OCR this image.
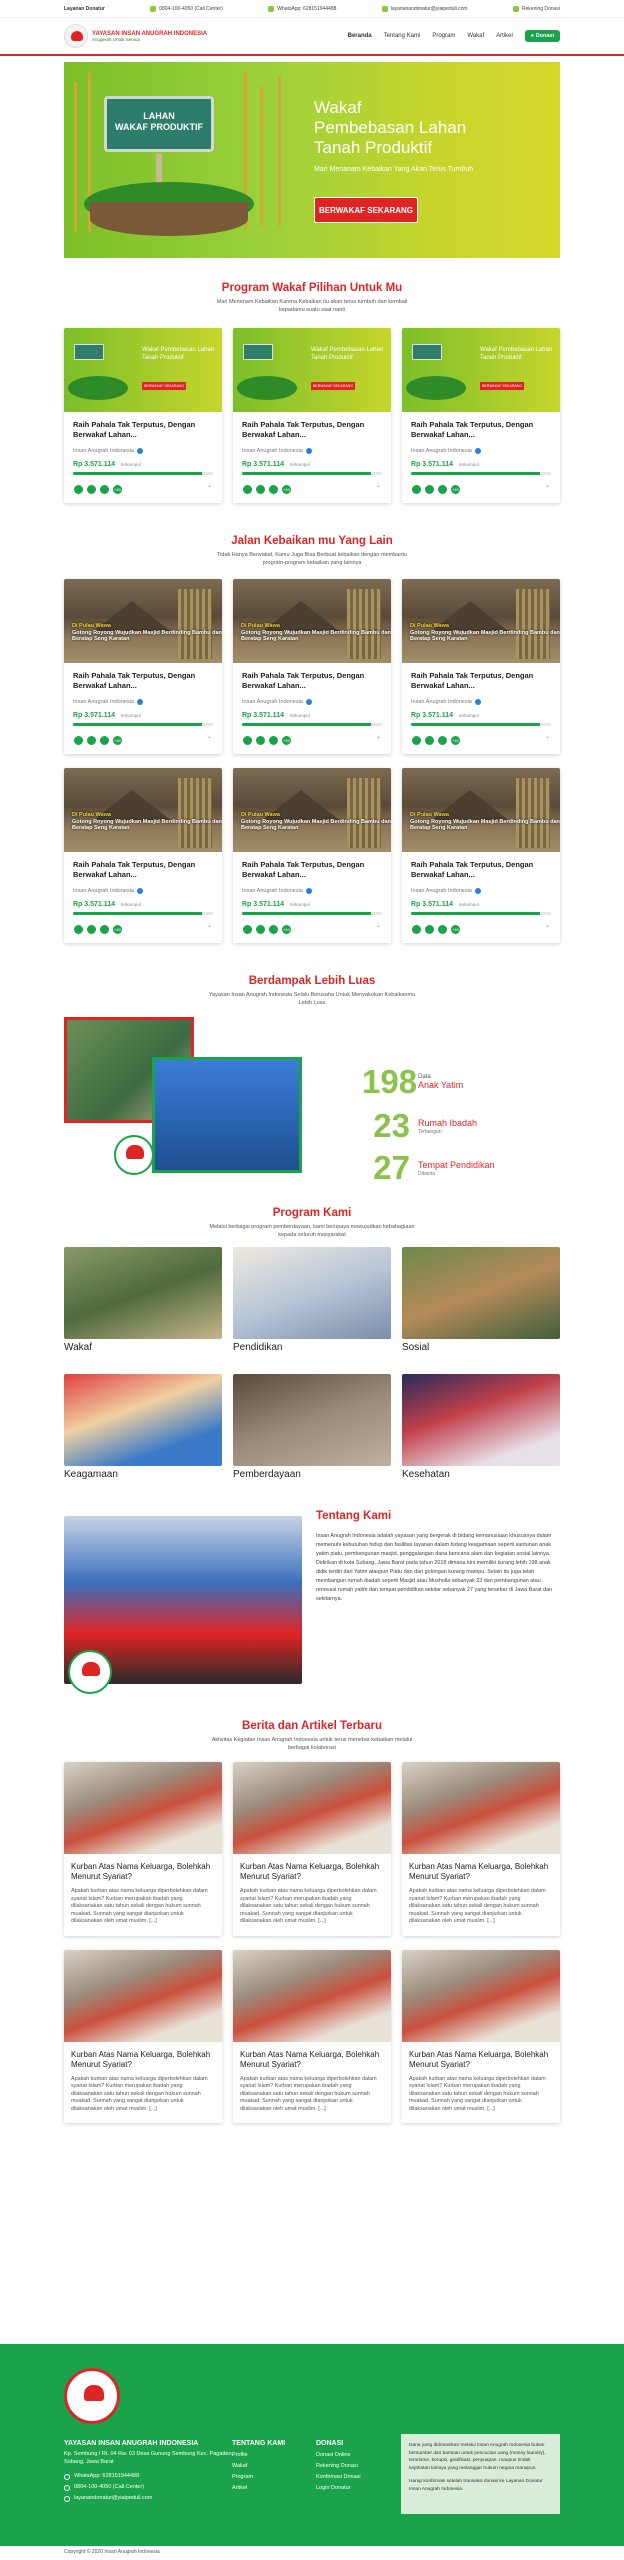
Layanan Donatur	0804-100-4050 (Call Center)	WhatsApp: 628151944488	layananandonatur@yiaipeduli.com	Rekening Donasi
YAYASAN INSAN ANUGRAH INDONESIA
Anugerah Untuk Semua	Beranda Tentang Kami Program Wakaf Artikel	● Donasi
LAHAN
WAKAF PRODUKTIF
Wakaf
Pembebasan Lahan
Tanah Produktif
Mari Menanam Kebaikan Yang Akan Terus Tumbuh
BERWAKAF SEKARANG
Program Wakaf Pilihan Untuk Mu
Mari Menanam Kebaikan Karena Kebaikan itu akan terus tumbuh dan kembali kepadamu suatu saat nanti
Wakaf Pembebasan Lahan Tanah Produktif
BERWAKAF SEKARANG
Raih Pahala Tak Terputus, Dengan Berwakaf Lahan...
Insan Anugrah Indonesia
Rp 3.571.114 terkumpul
+40
⌄
Wakaf Pembebasan Lahan Tanah Produktif
BERWAKAF SEKARANG
Raih Pahala Tak Terputus, Dengan Berwakaf Lahan...
Insan Anugrah Indonesia
Rp 3.571.114 terkumpul
+40
⌄
Wakaf Pembebasan Lahan Tanah Produktif
BERWAKAF SEKARANG
Raih Pahala Tak Terputus, Dengan Berwakaf Lahan...
Insan Anugrah Indonesia
Rp 3.571.114 terkumpul
+40
⌄
Jalan Kebaikan mu Yang Lain
Tidak Hanya Berwakaf, Kamu Juga Bisa Berbuat kebaikan dengan membantu program-program kebaikan yang lainnya
Di Pulau Wawa
Gotong Royong Wujudkan Masjid Berdinding Bambu dan Beratap Seng Karatan
Raih Pahala Tak Terputus, Dengan Berwakaf Lahan...
Insan Anugrah Indonesia
Rp 3.571.114 terkumpul
+40
⌄
Di Pulau Wawa
Gotong Royong Wujudkan Masjid Berdinding Bambu dan Beratap Seng Karatan
Raih Pahala Tak Terputus, Dengan Berwakaf Lahan...
Insan Anugrah Indonesia
Rp 3.571.114 terkumpul
+40
⌄
Di Pulau Wawa
Gotong Royong Wujudkan Masjid Berdinding Bambu dan Beratap Seng Karatan
Raih Pahala Tak Terputus, Dengan Berwakaf Lahan...
Insan Anugrah Indonesia
Rp 3.571.114 terkumpul
+40
⌄
Di Pulau Wawa
Gotong Royong Wujudkan Masjid Berdinding Bambu dan Beratap Seng Karatan
Raih Pahala Tak Terputus, Dengan Berwakaf Lahan...
Insan Anugrah Indonesia
Rp 3.571.114 terkumpul
+40
⌄
Di Pulau Wawa
Gotong Royong Wujudkan Masjid Berdinding Bambu dan Beratap Seng Karatan
Raih Pahala Tak Terputus, Dengan Berwakaf Lahan...
Insan Anugrah Indonesia
Rp 3.571.114 terkumpul
+40
⌄
Di Pulau Wawa
Gotong Royong Wujudkan Masjid Berdinding Bambu dan Beratap Seng Karatan
Raih Pahala Tak Terputus, Dengan Berwakaf Lahan...
Insan Anugrah Indonesia
Rp 3.571.114 terkumpul
+40
⌄
Berdampak Lebih Luas
Yayasan Insan Anugrah Indonesia Selalu Berusaha Untuk Menyalurkan Kebaikanmu Lebih Luas
198 Data
Anak Yatim
23 Rumah Ibadah
Terbangun
27 Tempat Pendidikan
Dibantu
Program Kami
Melalui berbagai program pemberdayaan, kami berupaya mewujudkan kebahagiaan kepada seluruh masyarakat
Wakaf	Pendidikan	Sosial
Keagamaan	Pemberdayaan	Kesehatan
Tentang Kami

Insan Anugrah Indonesia adalah yayasan yang bergerak di bidang kemanusiaan khususnya dalam memenuhi kebutuhan hidup dan fasilitas layanan dalam bidang keagamaan seperti santunan anak yatim piatu, pembangunan masjid, penggalangan dana bencana alam dan kegiatan sosial lainnya.

Didirikan di kota Subang, Jawa Barat pada tahun 2018 dimana kini memiliki kurang lebih 198 anak didik terdiri dari Yatim ataupun Piatu dan dari golongan kurang mampu. Selain itu juga telah membangun rumah ibadah seperti Masjid atau Musholla sebanyak 23 dan pembangunan atau renovasi rumah yatim dan tempat pendidikan sekitar sebanyak 27 yang tersebar di Jawa Barat dan sekitarnya.

Berita dan Artikel Terbaru
Aktivitas Kegiatan Insan Anugrah Indonesia untuk terus menebar kebaikan melalui berbagai kolaborasi
Kurban Atas Nama Keluarga, Bolehkah Menurut Syariat?
Apakah kurban atas nama keluarga diperbolehkan dalam syariat Islam? Kurban merupakan ibadah yang dilaksanakan satu tahun sekali dengan hukum sunnah muakad. Sunnah yang sangat dianjurkan untuk dilaksanakan oleh umat muslim. [...]
Kurban Atas Nama Keluarga, Bolehkah Menurut Syariat?
Apakah kurban atas nama keluarga diperbolehkan dalam syariat Islam? Kurban merupakan ibadah yang dilaksanakan satu tahun sekali dengan hukum sunnah muakad. Sunnah yang sangat dianjurkan untuk dilaksanakan oleh umat muslim. [...]
Kurban Atas Nama Keluarga, Bolehkah Menurut Syariat?
Apakah kurban atas nama keluarga diperbolehkan dalam syariat Islam? Kurban merupakan ibadah yang dilaksanakan satu tahun sekali dengan hukum sunnah muakad. Sunnah yang sangat dianjurkan untuk dilaksanakan oleh umat muslim. [...]
Kurban Atas Nama Keluarga, Bolehkah Menurut Syariat?
Apakah kurban atas nama keluarga diperbolehkan dalam syariat Islam? Kurban merupakan ibadah yang dilaksanakan satu tahun sekali dengan hukum sunnah muakad. Sunnah yang sangat dianjurkan untuk dilaksanakan oleh umat muslim. [...]
Kurban Atas Nama Keluarga, Bolehkah Menurut Syariat?
Apakah kurban atas nama keluarga diperbolehkan dalam syariat Islam? Kurban merupakan ibadah yang dilaksanakan satu tahun sekali dengan hukum sunnah muakad. Sunnah yang sangat dianjurkan untuk dilaksanakan oleh umat muslim. [...]
Kurban Atas Nama Keluarga, Bolehkah Menurut Syariat?
Apakah kurban atas nama keluarga diperbolehkan dalam syariat Islam? Kurban merupakan ibadah yang dilaksanakan satu tahun sekali dengan hukum sunnah muakad. Sunnah yang sangat dianjurkan untuk dilaksanakan oleh umat muslim. [...]
YAYASAN INSAN ANUGRAH INDONESIA
Kp. Sembung I Rt. 04 Rw. 03 Desa Gunung Sembung Kec. Pagaden, Subang, Jawa Barat
WhatsApp: 628151944488
0804-100-4050 (Call Center)
layanandonatur@yiaipeduli.com
TENTANG KAMI
Profile
Wakaf
Program
Artikel
DONASI
Donasi Online
Rekening Donasi
Konfirmasi Donasi
Login Donatur
Dana yang didonasikan melalui Insan Anugrah Indonesia bukan bersumber dari bantuan untuk pencucian uang (money laundry), terorisme, korupsi, gratifikasi, penyuapan, maupun tindak kejahatan lainnya yang melanggar hukum negara manapun.
Harap konfirmasi setelah transaksi donasi ke Layanan Donatur Insan Anugrah Indonesia.
Copyright © 2020 Insan Anugrah Indonesia
